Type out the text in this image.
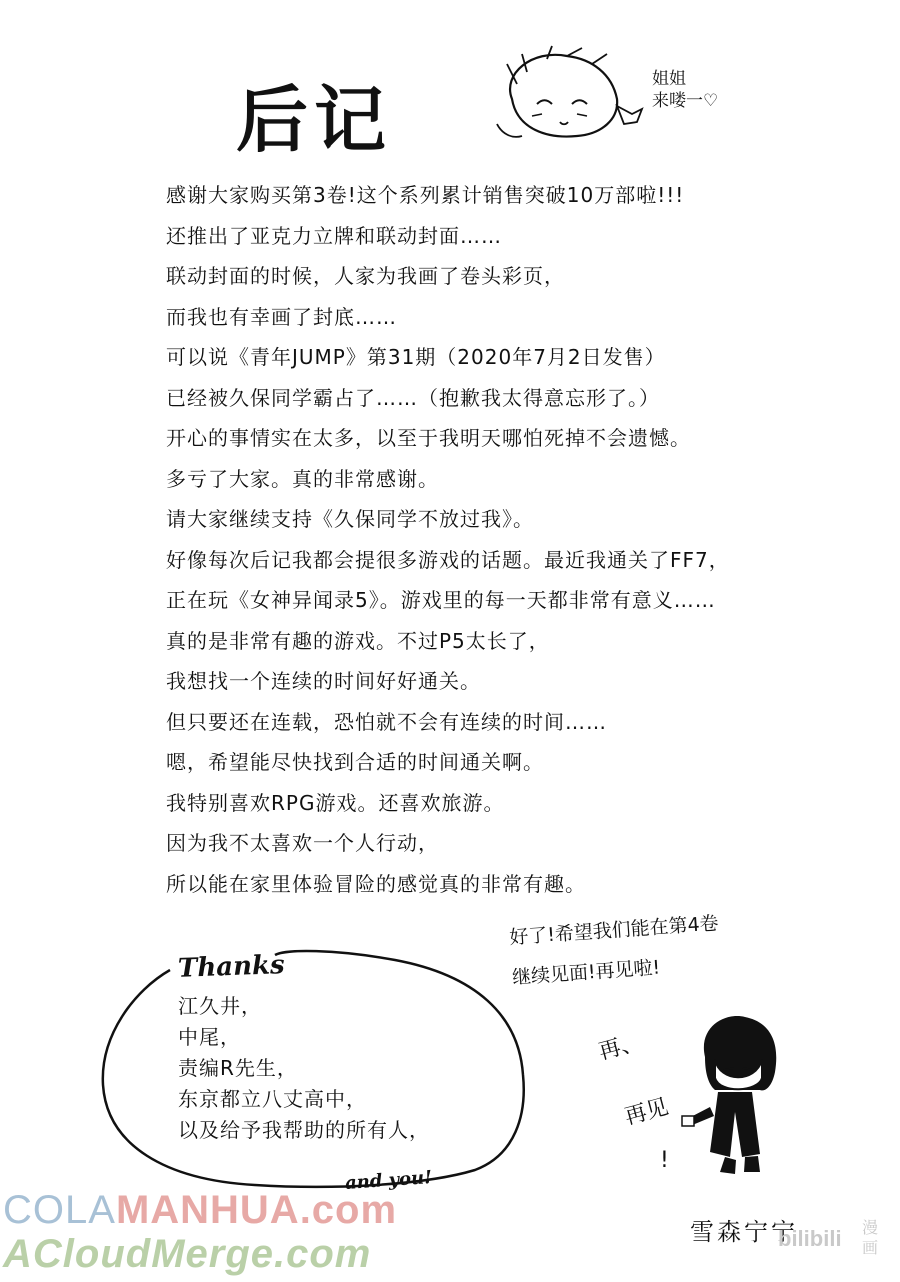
后记	姐姐
来喽一♡
感谢大家购买第3卷!这个系列累计销售突破10万部啦!!!
还推出了亚克力立牌和联动封面……
联动封面的时候，人家为我画了卷头彩页，
而我也有幸画了封底……
可以说《青年JUMP》第31期（2020年7月2日发售）
已经被久保同学霸占了……（抱歉我太得意忘形了。）
开心的事情实在太多，以至于我明天哪怕死掉不会遗憾。
多亏了大家。真的非常感谢。
请大家继续支持《久保同学不放过我》。
好像每次后记我都会提很多游戏的话题。最近我通关了FF7，
正在玩《女神异闻录5》。游戏里的每一天都非常有意义……
真的是非常有趣的游戏。不过P5太长了，
我想找一个连续的时间好好通关。
但只要还在连载，恐怕就不会有连续的时间……
嗯，希望能尽快找到合适的时间通关啊。
我特别喜欢RPG游戏。还喜欢旅游。
因为我不太喜欢一个人行动，
所以能在家里体验冒险的感觉真的非常有趣。
Thanks
江久井，
中尾，
责编R先生，
东京都立八丈高中，
以及给予我帮助的所有人，
and you!
好了!希望我们能在第4卷
继续见面!再见啦!
再、
再见
!
雪森宁宁
COLAMANHUA.com
ACloudMerge.com	bilibili 漫画
